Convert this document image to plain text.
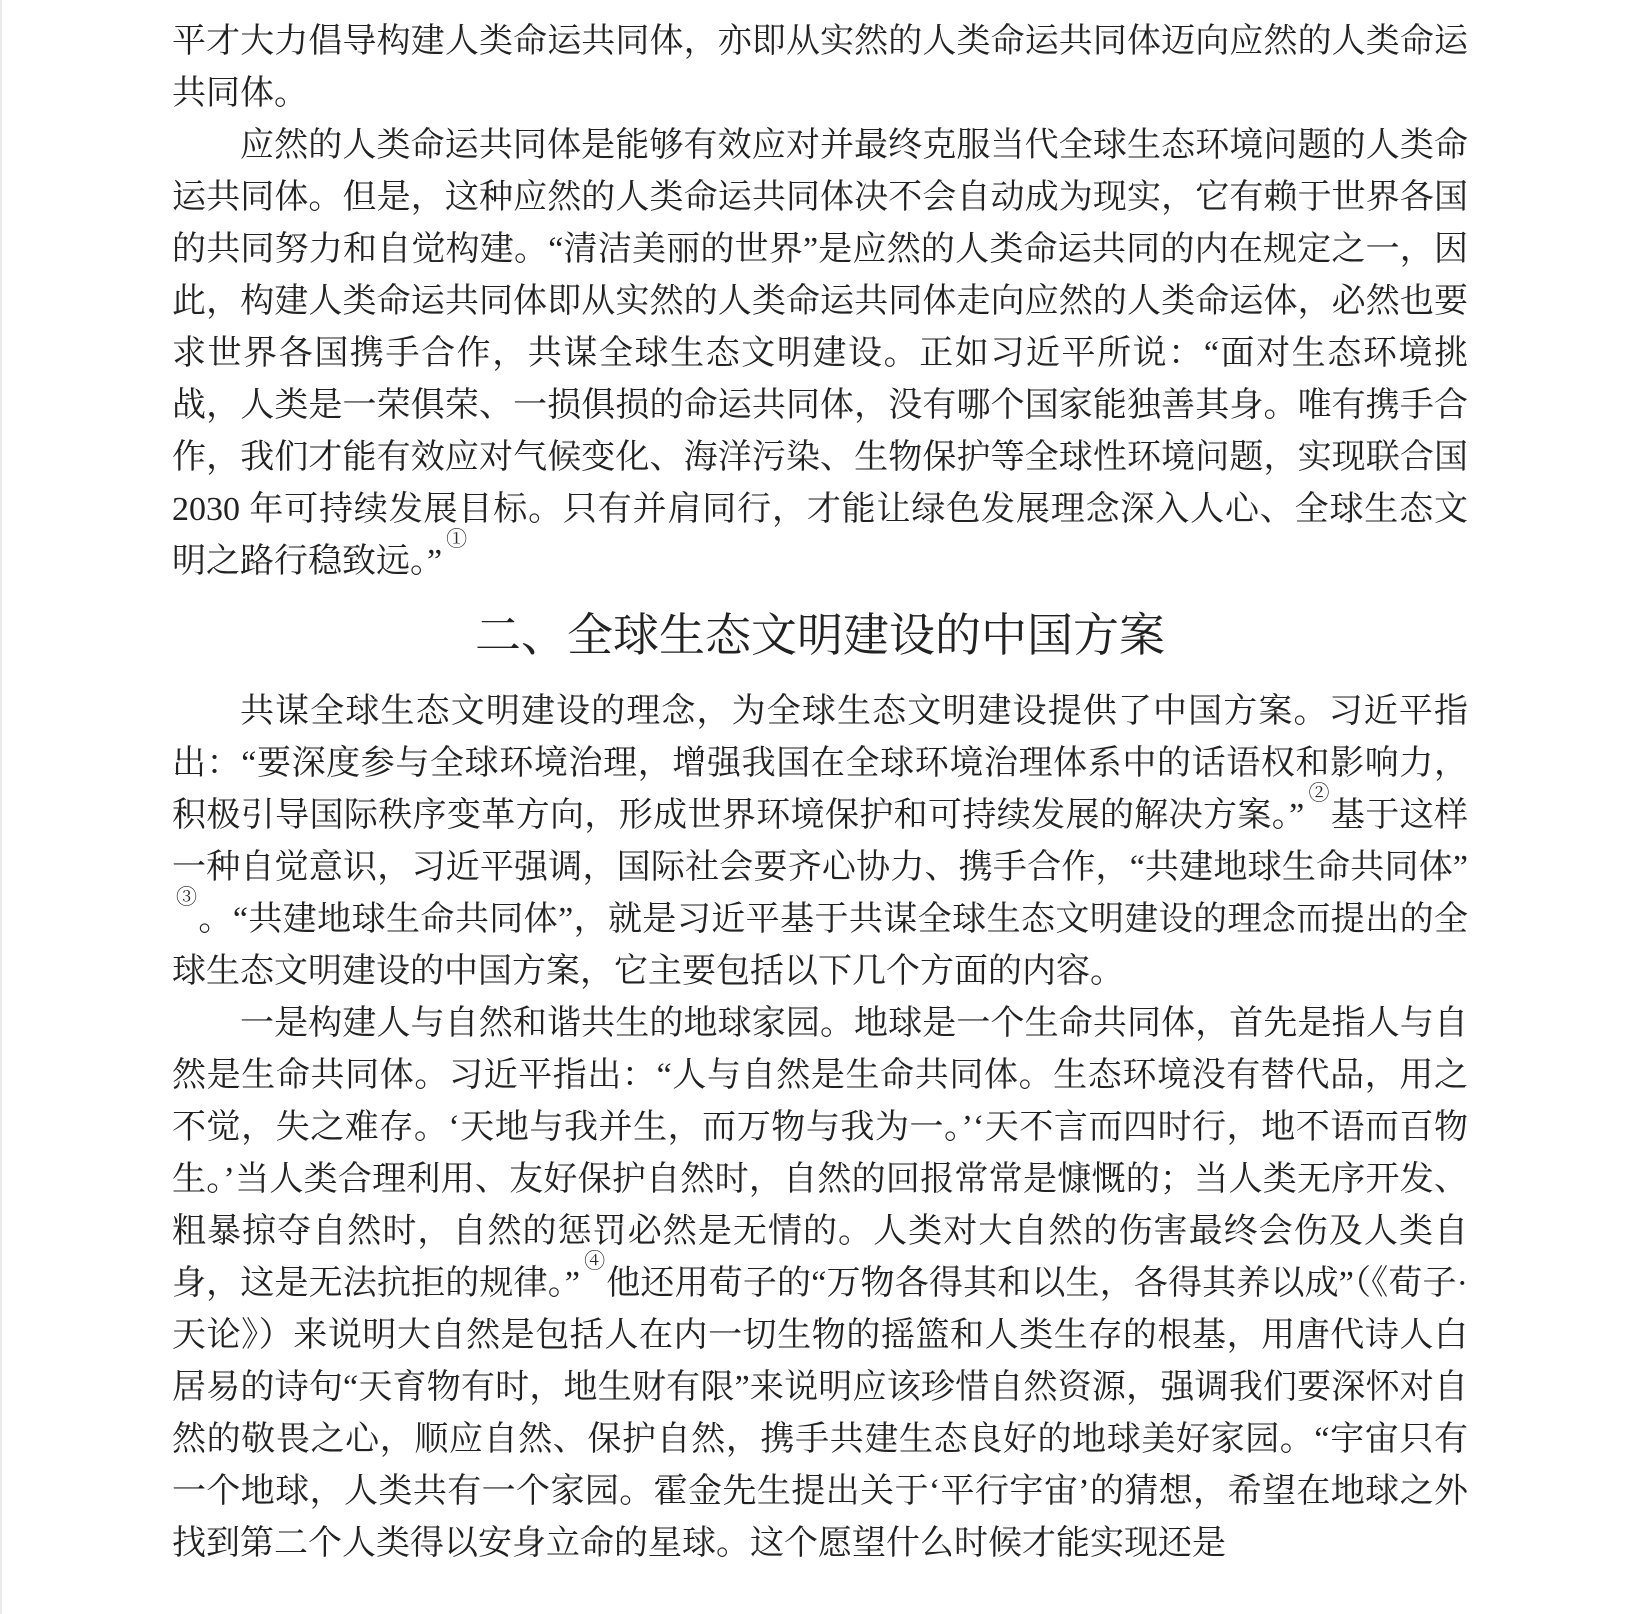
平才大力倡导构建人类命运共同体，亦即从实然的人类命运共同体迈向应然的人类命运共同体。

应然的人类命运共同体是能够有效应对并最终克服当代全球生态环境问题的人类命运共同体。但是，这种应然的人类命运共同体决不会自动成为现实，它有赖于世界各国的共同努力和自觉构建。“清洁美丽的世界”是应然的人类命运共同的内在规定之一，因此，构建人类命运共同体即从实然的人类命运共同体走向应然的人类命运体，必然也要求世界各国携手合作，共谋全球生态文明建设。正如习近平所说：“面对生态环境挑战，人类是一荣俱荣、一损俱损的命运共同体，没有哪个国家能独善其身。唯有携手合作，我们才能有效应对气候变化、海洋污染、生物保护等全球性环境问题，实现联合国 2030 年可持续发展目标。只有并肩同行，才能让绿色发展理念深入人心、全球生态文明之路行稳致远。”①

二、全球生态文明建设的中国方案

共谋全球生态文明建设的理念，为全球生态文明建设提供了中国方案。习近平指出：“要深度参与全球环境治理，增强我国在全球环境治理体系中的话语权和影响力，积极引导国际秩序变革方向，形成世界环境保护和可持续发展的解决方案。”②基于这样一种自觉意识，习近平强调，国际社会要齐心协力、携手合作，“共建地球生命共同体”③。“共建地球生命共同体”，就是习近平基于共谋全球生态文明建设的理念而提出的全球生态文明建设的中国方案，它主要包括以下几个方面的内容。

一是构建人与自然和谐共生的地球家园。地球是一个生命共同体，首先是指人与自然是生命共同体。习近平指出：“人与自然是生命共同体。生态环境没有替代品，用之不觉，失之难存。‘天地与我并生，而万物与我为一。’‘天不言而四时行，地不语而百物生。’当人类合理利用、友好保护自然时，自然的回报常常是慷慨的；当人类无序开发、粗暴掠夺自然时，自然的惩罚必然是无情的。人类对大自然的伤害最终会伤及人类自身，这是无法抗拒的规律。”④他还用荀子的“万物各得其和以生，各得其养以成”（《荀子·天论》）来说明大自然是包括人在内一切生物的摇篮和人类生存的根基，用唐代诗人白居易的诗句“天育物有时，地生财有限”来说明应该珍惜自然资源，强调我们要深怀对自然的敬畏之心，顺应自然、保护自然，携手共建生态良好的地球美好家园。“宇宙只有一个地球，人类共有一个家园。霍金先生提出关于‘平行宇宙’的猜想，希望在地球之外找到第二个人类得以安身立命的星球。这个愿望什么时候才能实现还是
